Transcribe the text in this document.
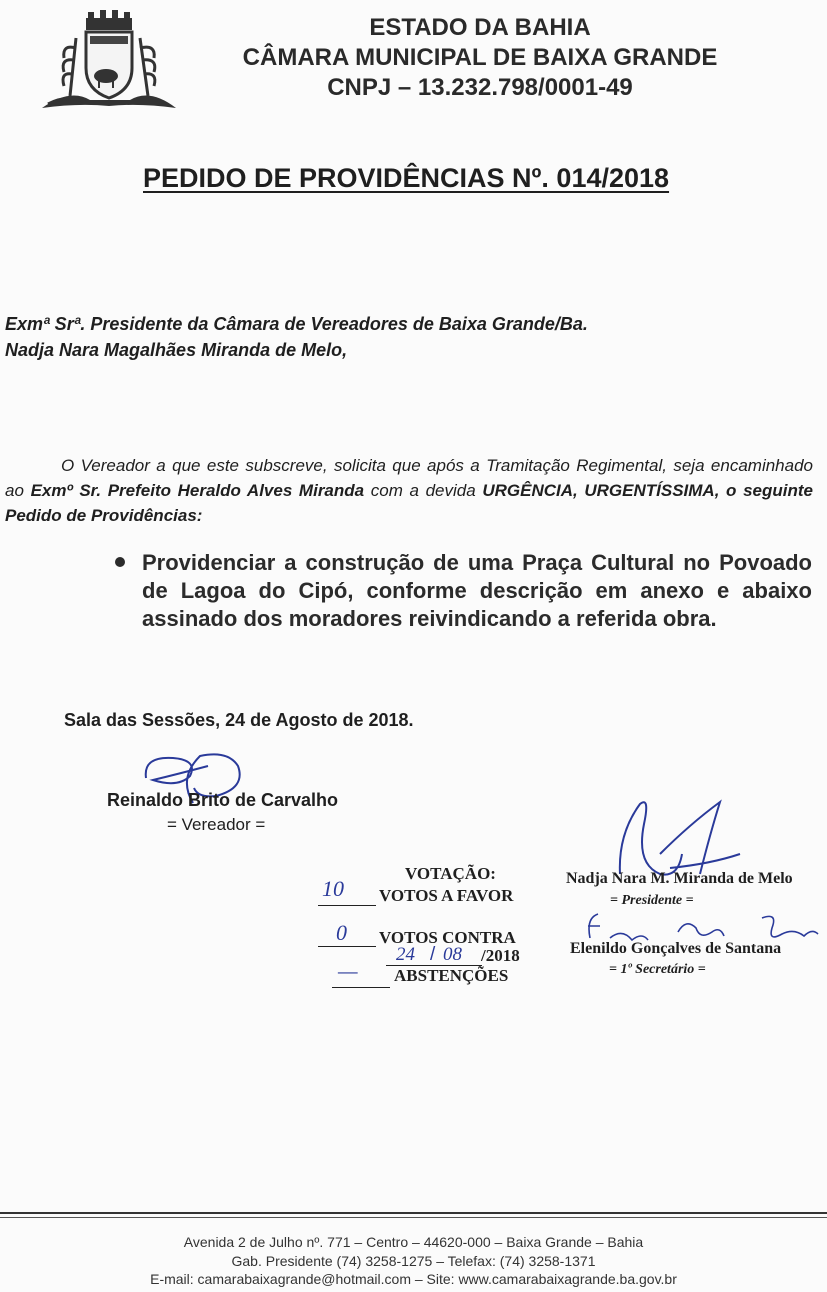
ESTADO DA BAHIA
CÂMARA MUNICIPAL DE BAIXA GRANDE
CNPJ – 13.232.798/0001-49
PEDIDO DE PROVIDÊNCIAS Nº. 014/2018
Exmª Srª. Presidente da Câmara de Vereadores de Baixa Grande/Ba.
Nadja Nara Magalhães Miranda de Melo,
O Vereador a que este subscreve, solicita que após a Tramitação Regimental, seja encaminhado ao Exmº Sr. Prefeito Heraldo Alves Miranda com a devida URGÊNCIA, URGENTÍSSIMA, o seguinte Pedido de Providências:
Providenciar a construção de uma Praça Cultural no Povoado de Lagoa do Cipó, conforme descrição em anexo e abaixo assinado dos moradores reivindicando a referida obra.
Sala das Sessões, 24 de Agosto de 2018.
Reinaldo Brito de Carvalho
= Vereador =
VOTAÇÃO:
10 VOTOS A FAVOR
0 VOTOS CONTRA
24 / 08 /2018
— ABSTENÇÕES
Nadja Nara M. Miranda de Melo
= Presidente =
Elenildo Gonçalves de Santana
= 1º Secretário =
Avenida 2 de Julho nº. 771 – Centro – 44620-000 – Baixa Grande – Bahia
Gab. Presidente (74) 3258-1275 – Telefax: (74) 3258-1371
E-mail: camarabaixagrande@hotmail.com – Site: www.camarabaixagrande.ba.gov.br
